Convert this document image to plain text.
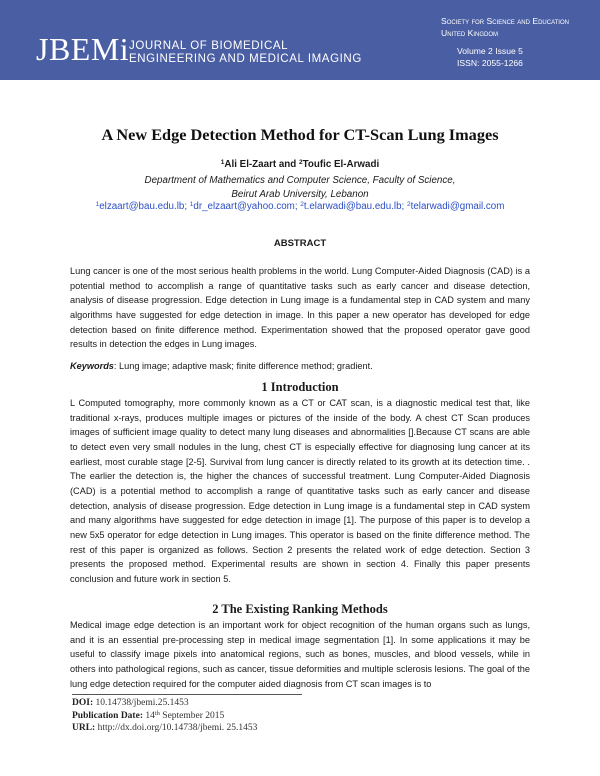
JBEMi JOURNAL OF BIOMEDICAL
ENGINEERING AND MEDICAL IMAGING
Society for Science and Education
United Kingdom
Volume 2 Issue 5
ISSN: 2055-1266
A New Edge Detection Method for CT-Scan Lung Images
$^1$Ali El-Zaart and $^2$Toufic El-Arwadi
Department of Mathematics and Computer Science, Faculty of Science,
Beirut Arab University, Lebanon
$^1$elzaart@bau.edu.lb; $^1$dr_elzaart@yahoo.com; $^2$t.elarwadi@bau.edu.lb; $^2$telarwadi@gmail.com
ABSTRACT
Lung cancer is one of the most serious health problems in the world. Lung Computer-Aided Diagnosis (CAD) is a potential method to accomplish a range of quantitative tasks such as early cancer and disease detection, analysis of disease progression. Edge detection in Lung image is a fundamental step in CAD system and many algorithms have suggested for edge detection in image. In this paper a new operator has developed for edge detection based on finite difference method. Experimentation showed that the proposed operator gave good results in detection the edges in Lung images.
Keywords: Lung image; adaptive mask; finite difference method; gradient.
1 Introduction
L Computed tomography, more commonly known as a CT or CAT scan, is a diagnostic medical test that, like traditional x-rays, produces multiple images or pictures of the inside of the body. A chest CT Scan produces images of sufficient image quality to detect many lung diseases and abnormalities [].Because CT scans are able to detect even very small nodules in the lung, chest CT is especially effective for diagnosing lung cancer at its earliest, most curable stage [2-5]. Survival from lung cancer is directly related to its growth at its detection time. . The earlier the detection is, the higher the chances of successful treatment. Lung Computer-Aided Diagnosis (CAD) is a potential method to accomplish a range of quantitative tasks such as early cancer and disease detection, analysis of disease progression. Edge detection in Lung image is a fundamental step in CAD system and many algorithms have suggested for edge detection in image [1]. The purpose of this paper is to develop a new 5x5 operator for edge detection in Lung images. This operator is based on the finite difference method. The rest of this paper is organized as follows. Section 2 presents the related work of edge detection. Section 3 presents the proposed method. Experimental results are shown in section 4. Finally this paper presents conclusion and future work in section 5.
2 The Existing Ranking Methods
Medical image edge detection is an important work for object recognition of the human organs such as lungs, and it is an essential pre-processing step in medical image segmentation [1]. In some applications it may be useful to classify image pixels into anatomical regions, such as bones, muscles, and blood vessels, while in others into pathological regions, such as cancer, tissue deformities and multiple sclerosis lesions. The goal of the lung edge detection required for the computer aided diagnosis from CT scan images is to
DOI: 10.14738/jbemi.25.1453
Publication Date: 14th September 2015
URL: http://dx.doi.org/10.14738/jbemi. 25.1453
